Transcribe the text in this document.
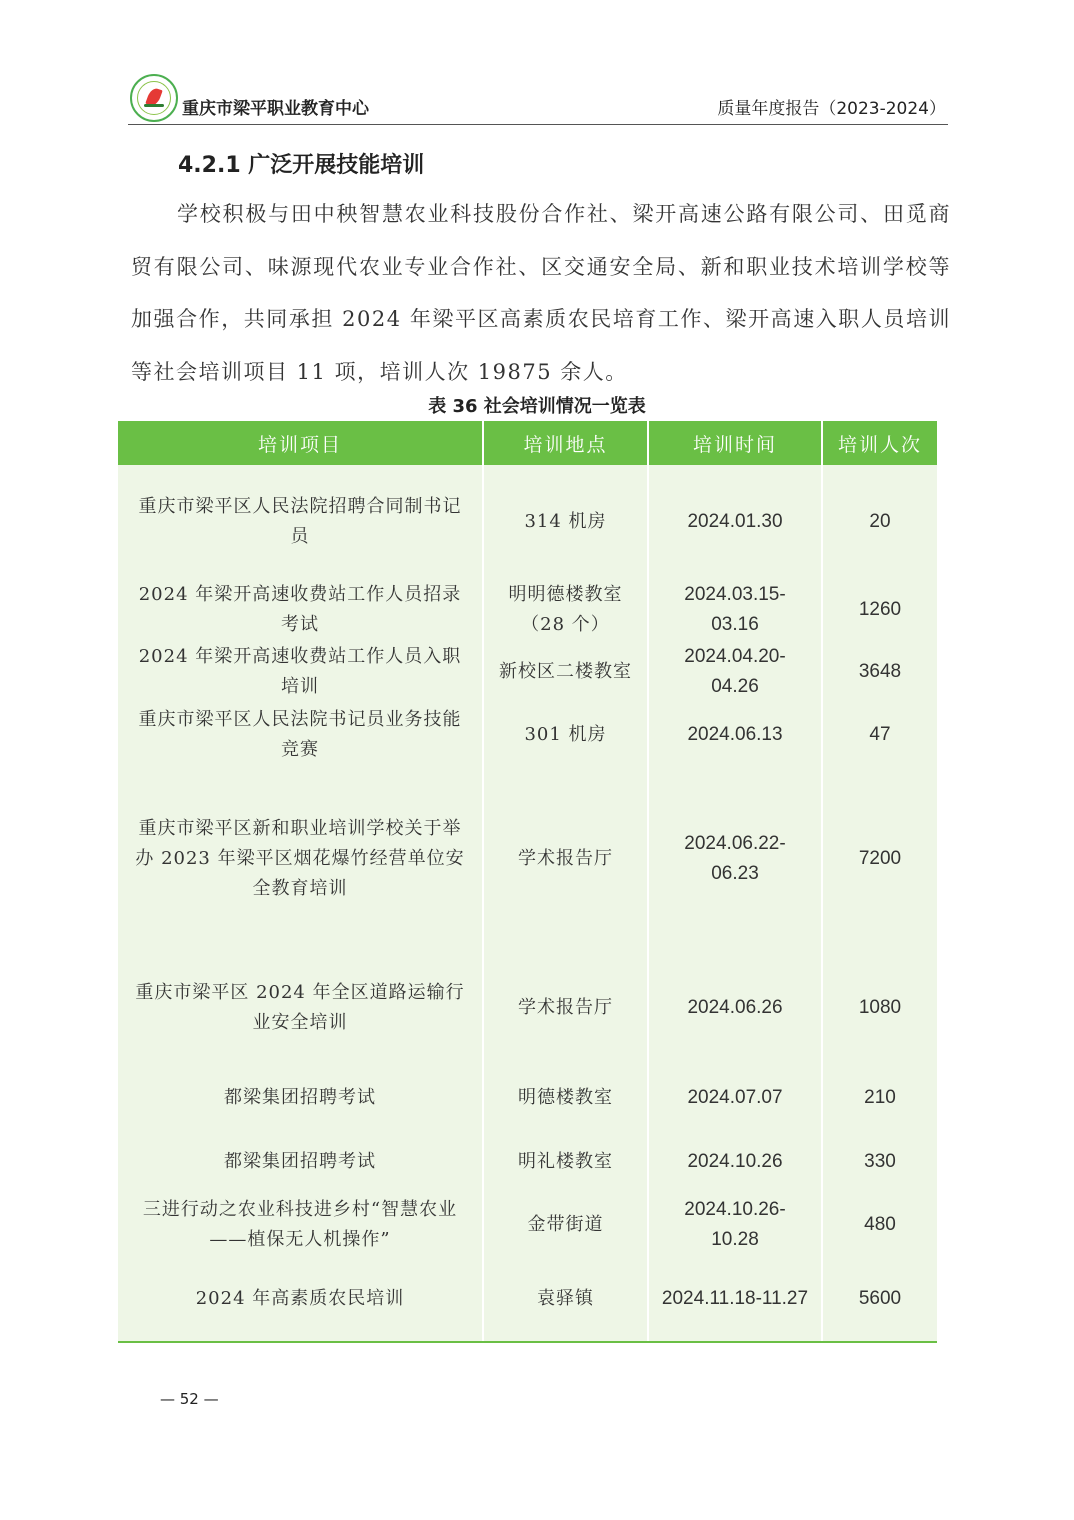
重庆市梁平职业教育中心	质量年度报告（2023-2024）
4.2.1 广泛开展技能培训
学校积极与田中秧智慧农业科技股份合作社、梁开高速公路有限公司、田觅商贸有限公司、味源现代农业专业合作社、区交通安全局、新和职业技术培训学校等加强合作，共同承担 2024 年梁平区高素质农民培育工作、梁开高速入职人员培训等社会培训项目 11 项，培训人次 19875 余人。
表 36 社会培训情况一览表
培训项目	培训地点	培训时间	培训人次
重庆市梁平区人民法院招聘合同制书记员	314 机房	2024.01.30	20
2024 年梁开高速收费站工作人员招录考试	明明德楼教室（28 个）	2024.03.15-03.16	1260
2024 年梁开高速收费站工作人员入职培训	新校区二楼教室	2024.04.20-04.26	3648
重庆市梁平区人民法院书记员业务技能竞赛	301 机房	2024.06.13	47
重庆市梁平区新和职业培训学校关于举办 2023 年梁平区烟花爆竹经营单位安全教育培训	学术报告厅	2024.06.22-06.23	7200
重庆市梁平区 2024 年全区道路运输行业安全培训	学术报告厅	2024.06.26	1080
都梁集团招聘考试	明德楼教室	2024.07.07	210
都梁集团招聘考试	明礼楼教室	2024.10.26	330
三进行动之农业科技进乡村“智慧农业——植保无人机操作”	金带街道	2024.10.26-10.28	480
2024 年高素质农民培训	袁驿镇	2024.11.18-11.27	5600
— 52 —
